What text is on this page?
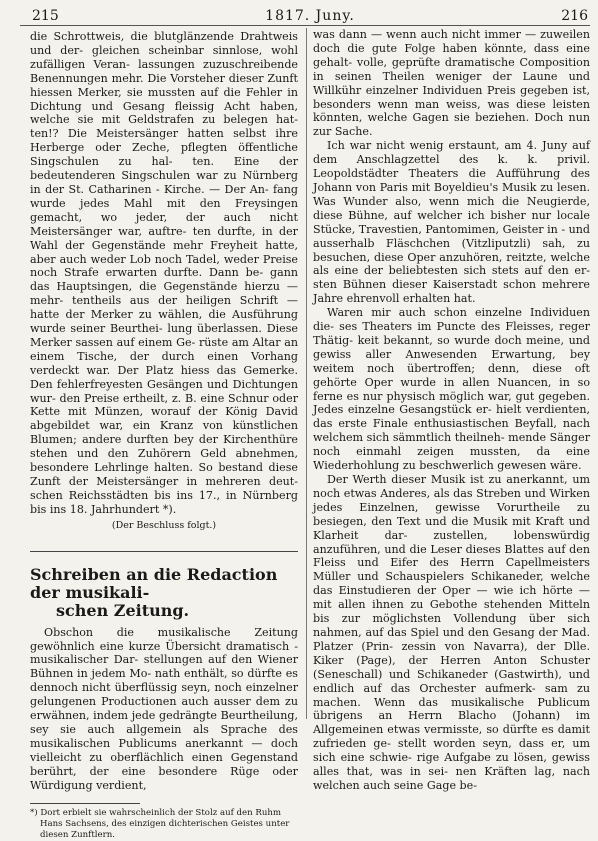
215	1817. Juny.	216

die Schrottweis, die blutglänzende Drahtweis und der- gleichen scheinbar sinnlose, wohl zufälligen Veran- lassungen zuzuschreibende Benennungen mehr. Die Vorsteher dieser Zunft hiessen Merker, sie mussten auf die Fehler in Dichtung und Gesang fleissig Acht haben, welche sie mit Geldstrafen zu belegen hat- ten!? Die Meistersänger hatten selbst ihre Herberge oder Zeche, pflegten öffentliche Singschulen zu hal- ten. Eine der bedeutenderen Singschulen war zu Nürnberg in der St. Catharinen - Kirche. — Der An- fang wurde jedes Mahl mit den Freysingen gemacht, wo jeder, der auch nicht Meistersänger war, auftre- ten durfte, in der Wahl der Gegenstände mehr Freyheit hatte, aber auch weder Lob noch Tadel, weder Preise noch Strafe erwarten durfte. Dann be- gann das Hauptsingen, die Gegenstände hierzu — mehr- tentheils aus der heiligen Schrift — hatte der Merker zu wählen, die Ausführung wurde seiner Beurthei- lung überlassen. Diese Merker sassen auf einem Ge- rüste am Altar an einem Tische, der durch einen Vorhang verdeckt war. Der Platz hiess das Gemerke. Den fehlerfreyesten Gesängen und Dichtungen wur- den Preise ertheilt, z. B. eine Schnur oder Kette mit Münzen, worauf der König David abgebildet war, ein Kranz von künstlichen Blumen; andere durften bey der Kirchenthüre stehen und den Zuhörern Geld abnehmen, besondere Lehrlinge halten. So bestand diese Zunft der Meistersänger in mehreren deut- schen Reichsstädten bis ins 17., in Nürnberg bis ins 18. Jahrhundert *).

(Der Beschluss folgt.)

Schreiben an die Redaction der musikali-
schen Zeitung.

Obschon die musikalische Zeitung gewöhnlich eine kurze Übersicht dramatisch - musikalischer Dar- stellungen auf den Wiener Bühnen in jedem Mo- nath enthält, so dürfte es dennoch nicht überflüssig seyn, noch einzelner gelungenen Productionen auch ausser dem zu erwähnen, indem jede gedrängte Beurtheilung, sey sie auch allgemein als Sprache des musikalischen Publicums anerkannt — doch vielleicht zu oberflächlich einen Gegenstand berührt, der eine besondere Rüge oder Würdigung verdient,

*) Dort erbielt sie wahrscheinlich der Stolz auf den Ruhm
Hans Sachsens, des einzigen dichterischen Geistes unter
diesen Zunftlern.

was dann — wenn auch nicht immer — zuweilen doch die gute Folge haben könnte, dass eine gehalt- volle, geprüfte dramatische Composition in seinen Theilen weniger der Laune und Willkühr einzelner Individuen Preis gegeben ist, besonders wenn man weiss, was diese leisten könnten, welche Gagen sie beziehen. Doch nun zur Sache.

Ich war nicht wenig erstaunt, am 4. Juny auf dem Anschlagzettel des k. k. privil. Leopoldstädter Theaters die Aufführung des Johann von Paris mit Boyeldieu's Musik zu lesen. Was Wunder also, wenn mich die Neugierde, diese Bühne, auf welcher ich bisher nur locale Stücke, Travestien, Pantomimen, Geister in - und ausserhalb Fläschchen (Vitzliputzli) sah, zu besuchen, diese Oper anzuhören, reitzte, welche als eine der beliebtesten sich stets auf den er- sten Bühnen dieser Kaiserstadt schon mehrere Jahre ehrenvoll erhalten hat.

Waren mir auch schon einzelne Individuen die- ses Theaters im Puncte des Fleisses, reger Thätig- keit bekannt, so wurde doch meine, und gewiss aller Anwesenden Erwartung, bey weitem noch übertroffen; denn, diese oft gehörte Oper wurde in allen Nuancen, in so ferne es nur physisch möglich war, gut gegeben. Jedes einzelne Gesangstück er- hielt verdienten, das erste Finale enthusiastischen Beyfall, nach welchem sich sämmtlich theilneh- mende Sänger noch einmahl zeigen mussten, da eine Wiederhohlung zu beschwerlich gewesen wäre.

Der Werth dieser Musik ist zu anerkannt, um noch etwas Anderes, als das Streben und Wirken jedes Einzelnen, gewisse Vorurtheile zu besiegen, den Text und die Musik mit Kraft und Klarheit dar- zustellen, lobenswürdig anzuführen, und die Leser dieses Blattes auf den Fleiss und Eifer des Herrn Capellmeisters Müller und Schauspielers Schikaneder, welche das Einstudieren der Oper — wie ich hörte — mit allen ihnen zu Gebothe stehenden Mitteln bis zur möglichsten Vollendung über sich nahmen, auf das Spiel und den Gesang der Mad. Platzer (Prin- zessin von Navarra), der Dlle. Kiker (Page), der Herren Anton Schuster (Seneschall) und Schikaneder (Gastwirth), und endlich auf das Orchester aufmerk- sam zu machen. Wenn das musikalische Publicum übrigens an Herrn Blacho (Johann) im Allgemeinen etwas vermisste, so dürfte es damit zufrieden ge- stellt worden seyn, dass er, um sich eine schwie- rige Aufgabe zu lösen, gewiss alles that, was in sei- nen Kräften lag, nach welchen auch seine Gage be-
